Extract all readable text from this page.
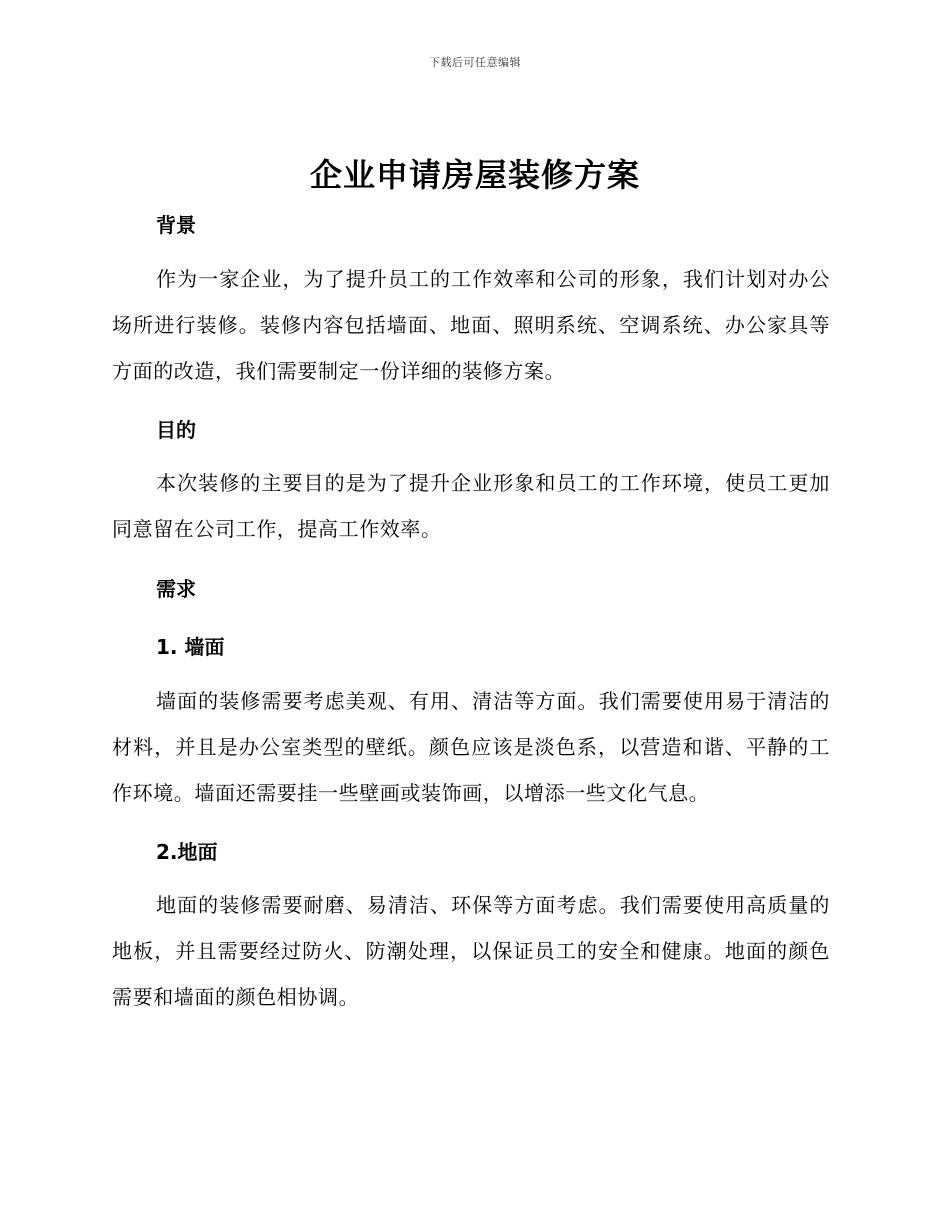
下载后可任意编辑
企业申请房屋装修方案
背景
作为一家企业，为了提升员工的工作效率和公司的形象，我们计划对办公场所进行装修。装修内容包括墙面、地面、照明系统、空调系统、办公家具等方面的改造，我们需要制定一份详细的装修方案。
目的
本次装修的主要目的是为了提升企业形象和员工的工作环境，使员工更加同意留在公司工作，提高工作效率。
需求
1. 墙面
墙面的装修需要考虑美观、有用、清洁等方面。我们需要使用易于清洁的材料，并且是办公室类型的壁纸。颜色应该是淡色系，以营造和谐、平静的工作环境。墙面还需要挂一些壁画或装饰画，以增添一些文化气息。
2.地面
地面的装修需要耐磨、易清洁、环保等方面考虑。我们需要使用高质量的地板，并且需要经过防火、防潮处理，以保证员工的安全和健康。地面的颜色需要和墙面的颜色相协调。
